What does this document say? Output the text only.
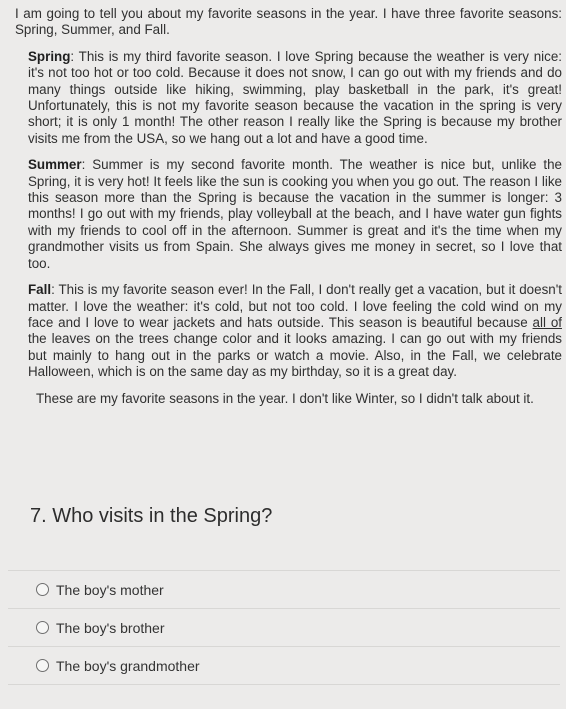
I am going to tell you about my favorite seasons in the year. I have three favorite seasons: Spring, Summer, and Fall.

Spring: This is my third favorite season. I love Spring because the weather is very nice: it's not too hot or too cold. Because it does not snow, I can go out with my friends and do many things outside like hiking, swimming, play basketball in the park, it's great! Unfortunately, this is not my favorite season because the vacation in the spring is very short; it is only 1 month! The other reason I really like the Spring is because my brother visits me from the USA, so we hang out a lot and have a good time.

Summer: Summer is my second favorite month. The weather is nice but, unlike the Spring, it is very hot! It feels like the sun is cooking you when you go out. The reason I like this season more than the Spring is because the vacation in the summer is longer: 3 months! I go out with my friends, play volleyball at the beach, and I have water gun fights with my friends to cool off in the afternoon. Summer is great and it's the time when my grandmother visits us from Spain. She always gives me money in secret, so I love that too.

Fall: This is my favorite season ever! In the Fall, I don't really get a vacation, but it doesn't matter. I love the weather: it's cold, but not too cold. I love feeling the cold wind on my face and I love to wear jackets and hats outside. This season is beautiful because all of the leaves on the trees change color and it looks amazing. I can go out with my friends but mainly to hang out in the parks or watch a movie. Also, in the Fall, we celebrate Halloween, which is on the same day as my birthday, so it is a great day.

These are my favorite seasons in the year. I don't like Winter, so I didn't talk about it.

7. Who visits in the Spring?
The boy's mother
The boy's brother
The boy's grandmother
